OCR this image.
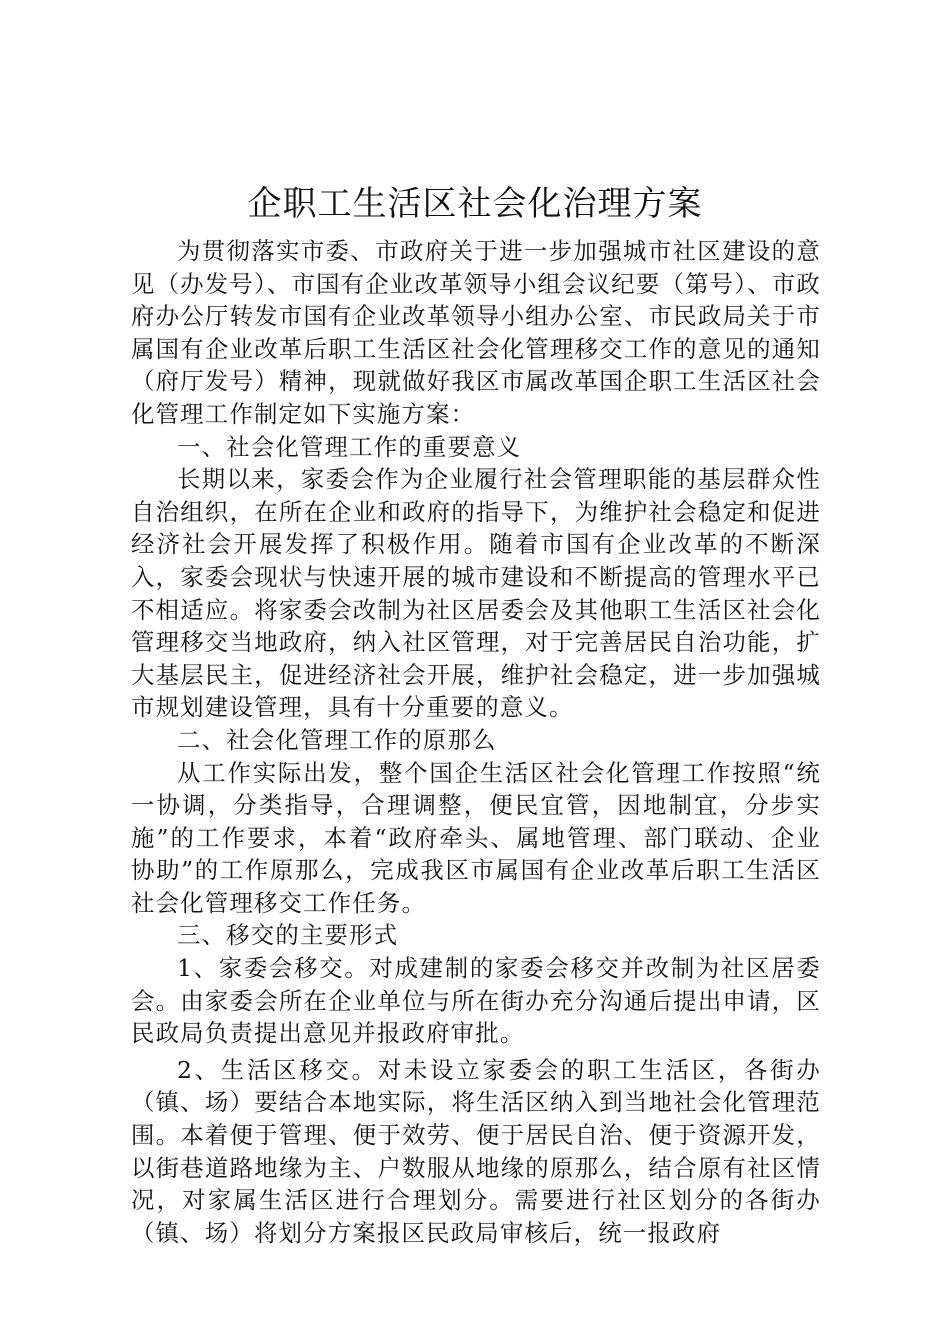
企职工生活区社会化治理方案

为贯彻落实市委、市政府关于进一步加强城市社区建设的意见（办发号）、市国有企业改革领导小组会议纪要（第号）、市政府办公厅转发市国有企业改革领导小组办公室、市民政局关于市属国有企业改革后职工生活区社会化管理移交工作的意见的通知（府厅发号）精神，现就做好我区市属改革国企职工生活区社会化管理工作制定如下实施方案：

一、社会化管理工作的重要意义

长期以来，家委会作为企业履行社会管理职能的基层群众性自治组织，在所在企业和政府的指导下，为维护社会稳定和促进经济社会开展发挥了积极作用。随着市国有企业改革的不断深入，家委会现状与快速开展的城市建设和不断提高的管理水平已不相适应。将家委会改制为社区居委会及其他职工生活区社会化管理移交当地政府，纳入社区管理，对于完善居民自治功能，扩大基层民主，促进经济社会开展，维护社会稳定，进一步加强城市规划建设管理，具有十分重要的意义。

二、社会化管理工作的原那么

从工作实际出发，整个国企生活区社会化管理工作按照“统一协调，分类指导，合理调整，便民宜管，因地制宜，分步实施”的工作要求，本着“政府牵头、属地管理、部门联动、企业协助”的工作原那么，完成我区市属国有企业改革后职工生活区社会化管理移交工作任务。

三、移交的主要形式

1、家委会移交。对成建制的家委会移交并改制为社区居委会。由家委会所在企业单位与所在街办充分沟通后提出申请，区民政局负责提出意见并报政府审批。

2、生活区移交。对未设立家委会的职工生活区，各街办（镇、场）要结合本地实际，将生活区纳入到当地社会化管理范围。本着便于管理、便于效劳、便于居民自治、便于资源开发，以街巷道路地缘为主、户数服从地缘的原那么，结合原有社区情况，对家属生活区进行合理划分。需要进行社区划分的各街办（镇、场）将划分方案报区民政局审核后，统一报政府
